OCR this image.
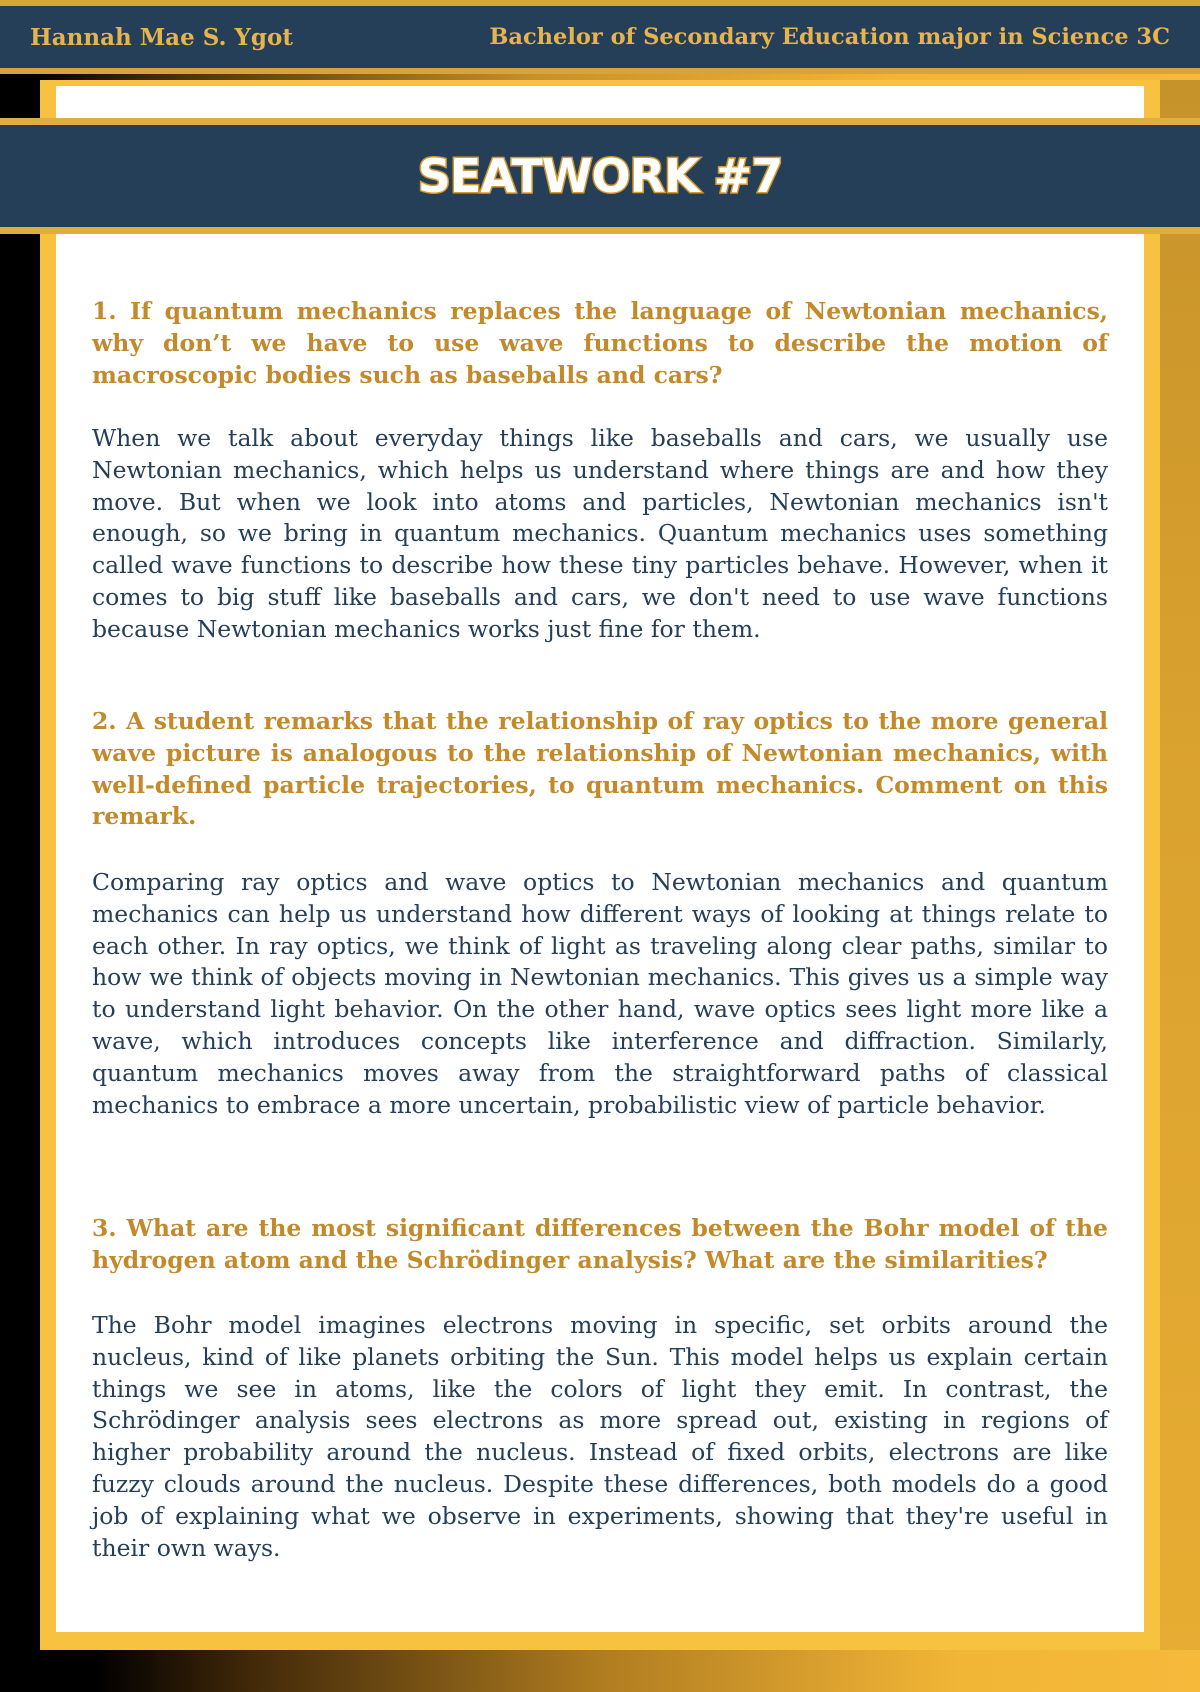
Hannah Mae S. Ygot	Bachelor of Secondary Education major in Science 3C
SEATWORK #7

1. If quantum mechanics replaces the language of Newtonian mechanics, why don’t we have to use wave functions to describe the motion of macroscopic bodies such as baseballs and cars?

When we talk about everyday things like baseballs and cars, we usually use Newtonian mechanics, which helps us understand where things are and how they move. But when we look into atoms and particles, Newtonian mechanics isn't enough, so we bring in quantum mechanics. Quantum mechanics uses something called wave functions to describe how these tiny particles behave. However, when it comes to big stuff like baseballs and cars, we don't need to use wave functions because Newtonian mechanics works just fine for them.

2. A student remarks that the relationship of ray optics to the more general wave picture is analogous to the relationship of Newtonian mechanics, with well-defined particle trajectories, to quantum mechanics. Comment on this remark.

Comparing ray optics and wave optics to Newtonian mechanics and quantum mechanics can help us understand how different ways of looking at things relate to each other. In ray optics, we think of light as traveling along clear paths, similar to how we think of objects moving in Newtonian mechanics. This gives us a simple way to understand light behavior. On the other hand, wave optics sees light more like a wave, which introduces concepts like interference and diffraction. Similarly, quantum mechanics moves away from the straightforward paths of classical mechanics to embrace a more uncertain, probabilistic view of particle behavior.

3. What are the most significant differences between the Bohr model of the hydrogen atom and the Schrödinger analysis? What are the similarities?

The Bohr model imagines electrons moving in specific, set orbits around the nucleus, kind of like planets orbiting the Sun. This model helps us explain certain things we see in atoms, like the colors of light they emit. In contrast, the Schrödinger analysis sees electrons as more spread out, existing in regions of higher probability around the nucleus. Instead of fixed orbits, electrons are like fuzzy clouds around the nucleus. Despite these differences, both models do a good job of explaining what we observe in experiments, showing that they're useful in their own ways.
